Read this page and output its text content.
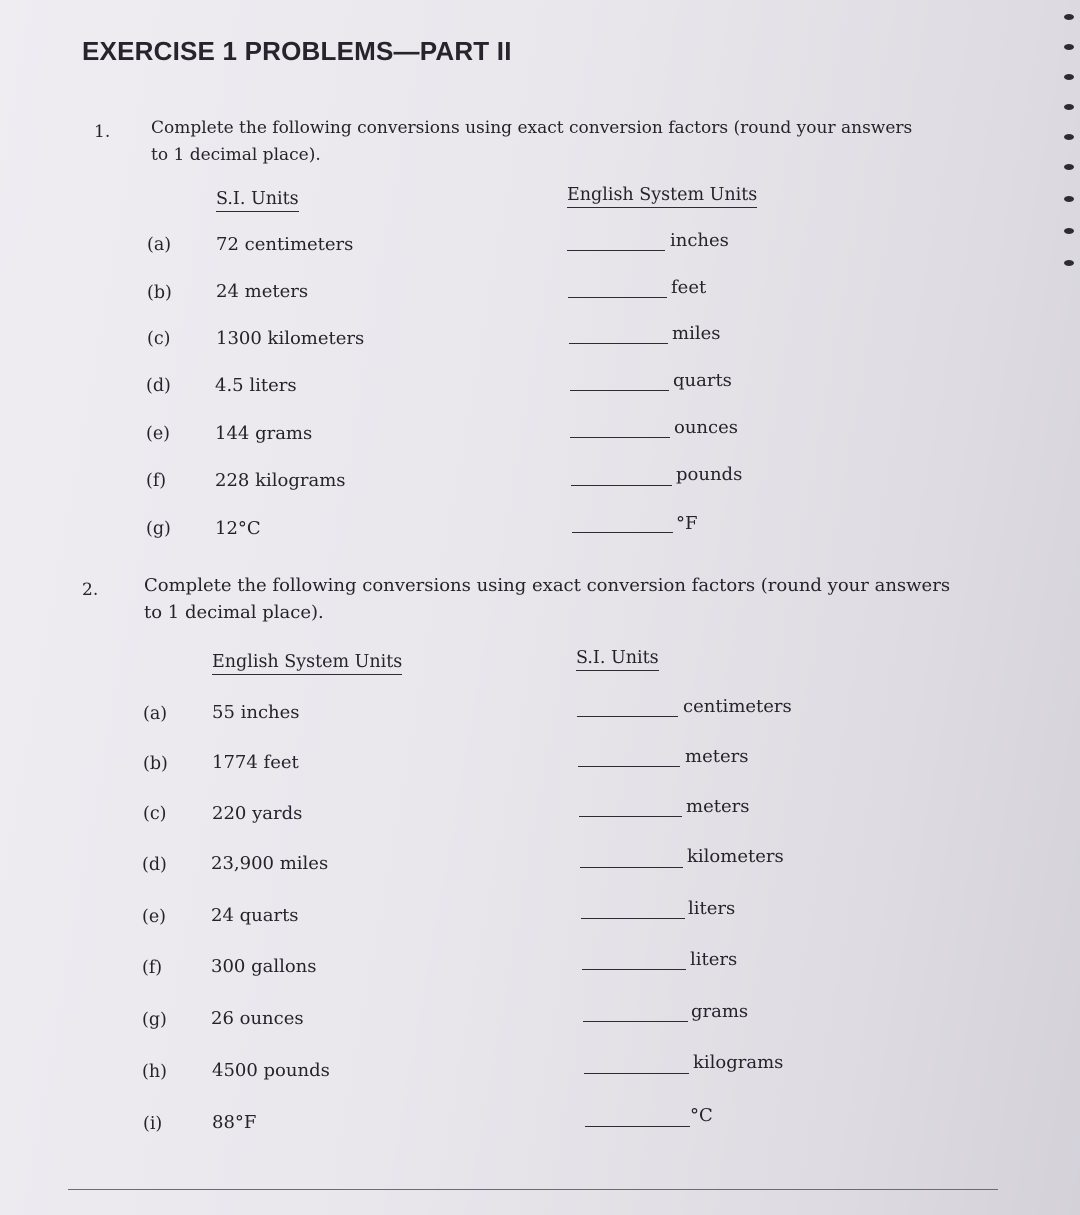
EXERCISE 1 PROBLEMS—PART II
1. Complete the following conversions using exact conversion factors (round your answers
to 1 decimal place).
S.I. Units	English System Units
(a) 72 centimeters	inches
(b) 24 meters	feet
(c)	1300 kilometers	miles
(d) 4.5 liters	quarts
(e) 144 grams	ounces
(f)	228 kilograms	pounds
(g) 12°C	°F
2.	Complete the following conversions using exact conversion factors (round your answers
to 1 decimal place).
English System Units	S.I. Units
(a) 55 inches	centimeters
(b) 1774 feet	meters
(c)	220 yards	meters
(d) 23,900 miles	kilometers
(e) 24 quarts	liters
(f)	300 gallons	liters
(g) 26 ounces	grams
(h)	4500 pounds	kilograms
(i)	88°F	°C
